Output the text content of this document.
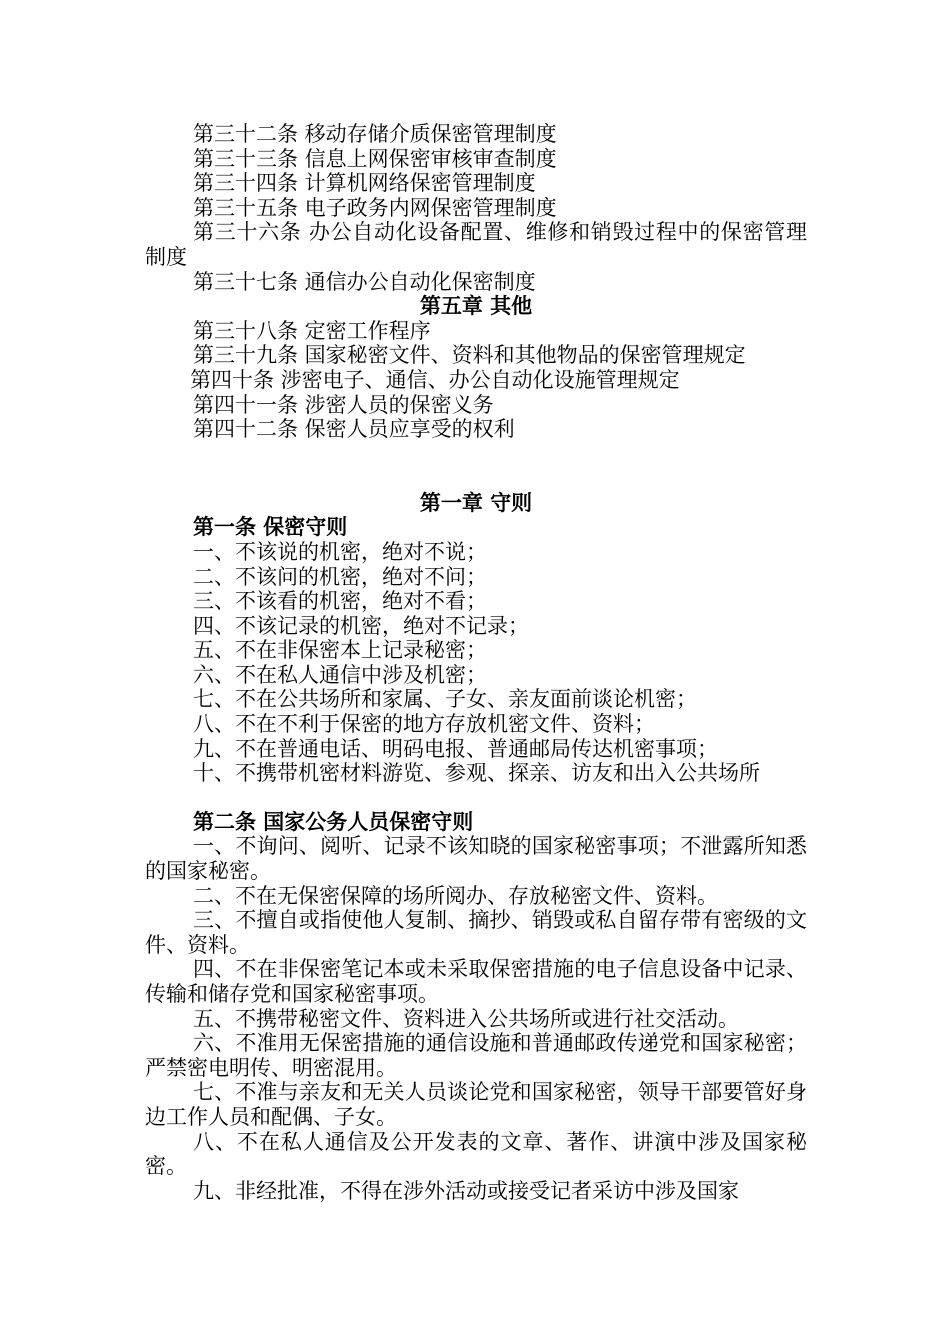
第三十二条 移动存储介质保密管理制度

第三十三条 信息上网保密审核审查制度

第三十四条 计算机网络保密管理制度

第三十五条 电子政务内网保密管理制度

第三十六条 办公自动化设备配置、维修和销毁过程中的保密管理制度

第三十七条 通信办公自动化保密制度

第五章 其他

第三十八条 定密工作程序

第三十九条 国家秘密文件、资料和其他物品的保密管理规定

第四十条 涉密电子、通信、办公自动化设施管理规定

第四十一条 涉密人员的保密义务

第四十二条 保密人员应享受的权利

第一章 守则

第一条 保密守则

一、不该说的机密，绝对不说；

二、不该问的机密，绝对不问；

三、不该看的机密，绝对不看；

四、不该记录的机密，绝对不记录；

五、不在非保密本上记录秘密；

六、不在私人通信中涉及机密；

七、不在公共场所和家属、子女、亲友面前谈论机密；

八、不在不利于保密的地方存放机密文件、资料；

九、不在普通电话、明码电报、普通邮局传达机密事项；

十、不携带机密材料游览、参观、探亲、访友和出入公共场所

第二条 国家公务人员保密守则

一、不询问、阅听、记录不该知晓的国家秘密事项；不泄露所知悉的国家秘密。

二、不在无保密保障的场所阅办、存放秘密文件、资料。

三、不擅自或指使他人复制、摘抄、销毁或私自留存带有密级的文件、资料。

四、不在非保密笔记本或未采取保密措施的电子信息设备中记录、传输和储存党和国家秘密事项。

五、不携带秘密文件、资料进入公共场所或进行社交活动。

六、不准用无保密措施的通信设施和普通邮政传递党和国家秘密；严禁密电明传、明密混用。

七、不准与亲友和无关人员谈论党和国家秘密，领导干部要管好身边工作人员和配偶、子女。

八、不在私人通信及公开发表的文章、著作、讲演中涉及国家秘密。

九、非经批准，不得在涉外活动或接受记者采访中涉及国家
